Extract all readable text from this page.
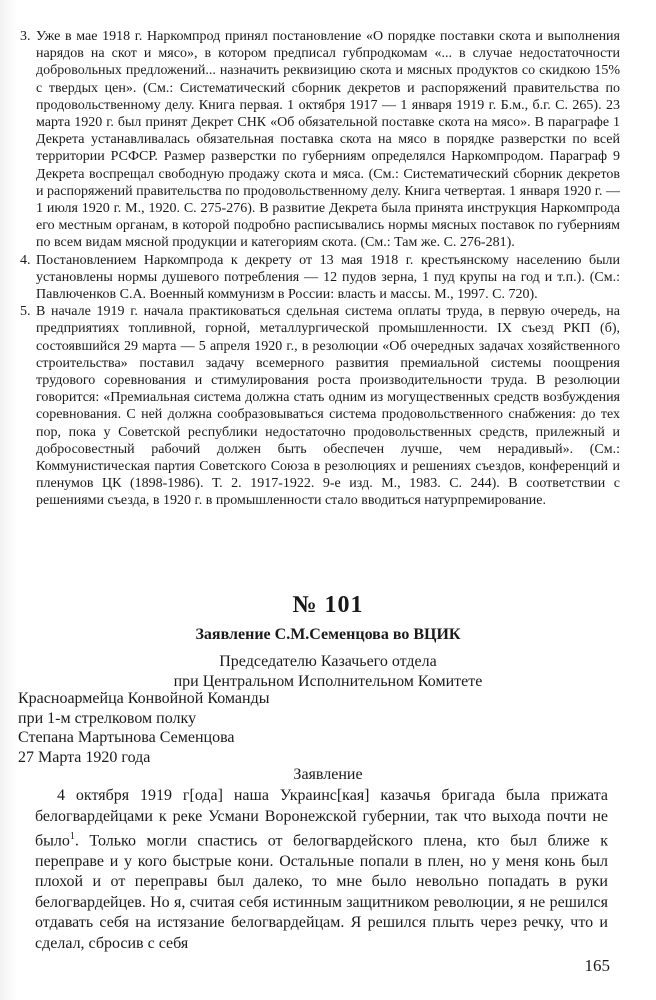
3. Уже в мае 1918 г. Наркомпрод принял постановление «О порядке поставки скота и выполнения нарядов на скот и мясо», в котором предписал губпродкомам «... в случае недостаточности добровольных предложений... назначить реквизицию скота и мясных продуктов со скидкою 15% с твердых цен». (См.: Систематический сборник декретов и распоряжений правительства по продовольственному делу. Книга первая. 1 октября 1917 — 1 января 1919 г. Б.м., б.г. С. 265). 23 марта 1920 г. был принят Декрет СНК «Об обязательной поставке скота на мясо». В параграфе 1 Декрета устанавливалась обязательная поставка скота на мясо в порядке разверстки по всей территории РСФСР. Размер разверстки по губерниям определялся Наркомпродом. Параграф 9 Декрета воспрещал свободную продажу скота и мяса. (См.: Систематический сборник декретов и распоряжений правительства по продовольственному делу. Книга четвертая. 1 января 1920 г. — 1 июля 1920 г. М., 1920. С. 275-276). В развитие Декрета была принята инструкция Наркомпрода его местным органам, в которой подробно расписывались нормы мясных поставок по губерниям по всем видам мясной продукции и категориям скота. (См.: Там же. С. 276-281).
4. Постановлением Наркомпрода к декрету от 13 мая 1918 г. крестьянскому населению были установлены нормы душевого потребления — 12 пудов зерна, 1 пуд крупы на год и т.п.). (См.: Павлюченков С.А. Военный коммунизм в России: власть и массы. М., 1997. С. 720).
5. В начале 1919 г. начала практиковаться сдельная система оплаты труда, в первую очередь, на предприятиях топливной, горной, металлургической промышленности. IX съезд РКП (б), состоявшийся 29 марта — 5 апреля 1920 г., в резолюции «Об очередных задачах хозяйственного строительства» поставил задачу всемерного развития премиальной системы поощрения трудового соревнования и стимулирования роста производительности труда. В резолюции говорится: «Премиальная система должна стать одним из могущественных средств возбуждения соревнования. С ней должна сообразовываться система продовольственного снабжения: до тех пор, пока у Советской республики недостаточно продовольственных средств, прилежный и добросовестный рабочий должен быть обеспечен лучше, чем нерадивый». (См.: Коммунистическая партия Советского Союза в резолюциях и решениях съездов, конференций и пленумов ЦК (1898-1986). Т. 2. 1917-1922. 9-е изд. М., 1983. С. 244). В соответствии с решениями съезда, в 1920 г. в промышленности стало вводиться натурпремирование.
№ 101
Заявление С.М.Семенцова во ВЦИК
Председателю Казачьего отдела
при Центральном Исполнительном Комитете
Красноармейца Конвойной Команды
при 1-м стрелковом полку
Степана Мартынова Семенцова
27 Марта 1920 года
Заявление
4 октября 1919 г[ода] наша Украинс[кая] казачья бригада была прижата белогвардейцами к реке Усмани Воронежской губернии, так что выхода почти не было$^1$. Только могли спастись от белогвардейского плена, кто был ближе к переправе и у кого быстрые кони. Остальные попали в плен, но у меня конь был плохой и от переправы был далеко, то мне было невольно попадать в руки белогвардейцев. Но я, считая себя истинным защитником революции, я не решился отдавать себя на истязание белогвардейцам. Я решился плыть через речку, что и сделал, сбросив с себя
165
